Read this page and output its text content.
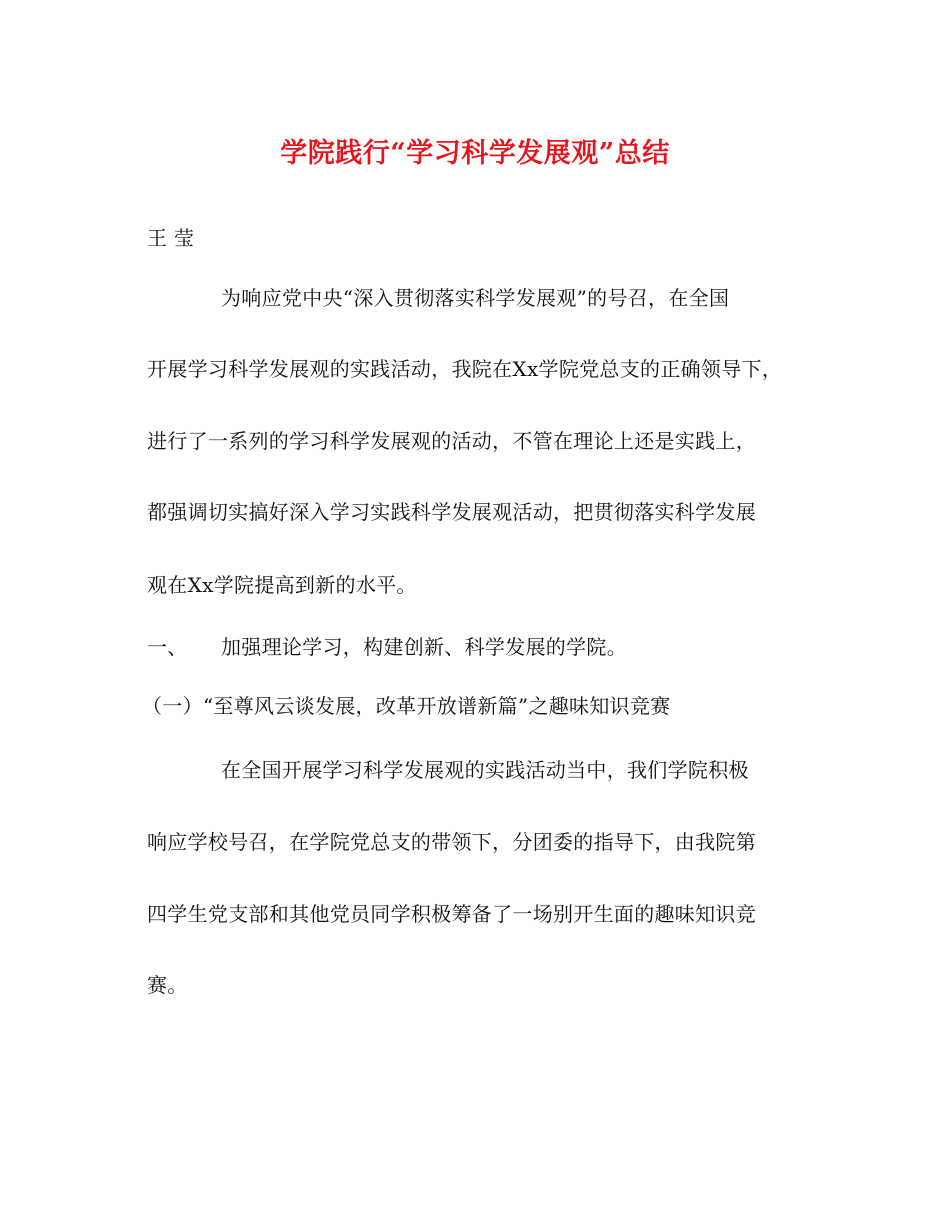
学院践行“学习科学发展观”总结
王 莹
为响应党中央“深入贯彻落实科学发展观”的号召，在全国
开展学习科学发展观的实践活动，我院在Xx学院党总支的正确领导下，
进行了一系列的学习科学发展观的活动，不管在理论上还是实践上，
都强调切实搞好深入学习实践科学发展观活动，把贯彻落实科学发展
观在Xx学院提高到新的水平。
一、 加强理论学习，构建创新、科学发展的学院。
（一）“至尊风云谈发展，改革开放谱新篇”之趣味知识竞赛
在全国开展学习科学发展观的实践活动当中，我们学院积极
响应学校号召，在学院党总支的带领下，分团委的指导下，由我院第
四学生党支部和其他党员同学积极筹备了一场别开生面的趣味知识竞
赛。
